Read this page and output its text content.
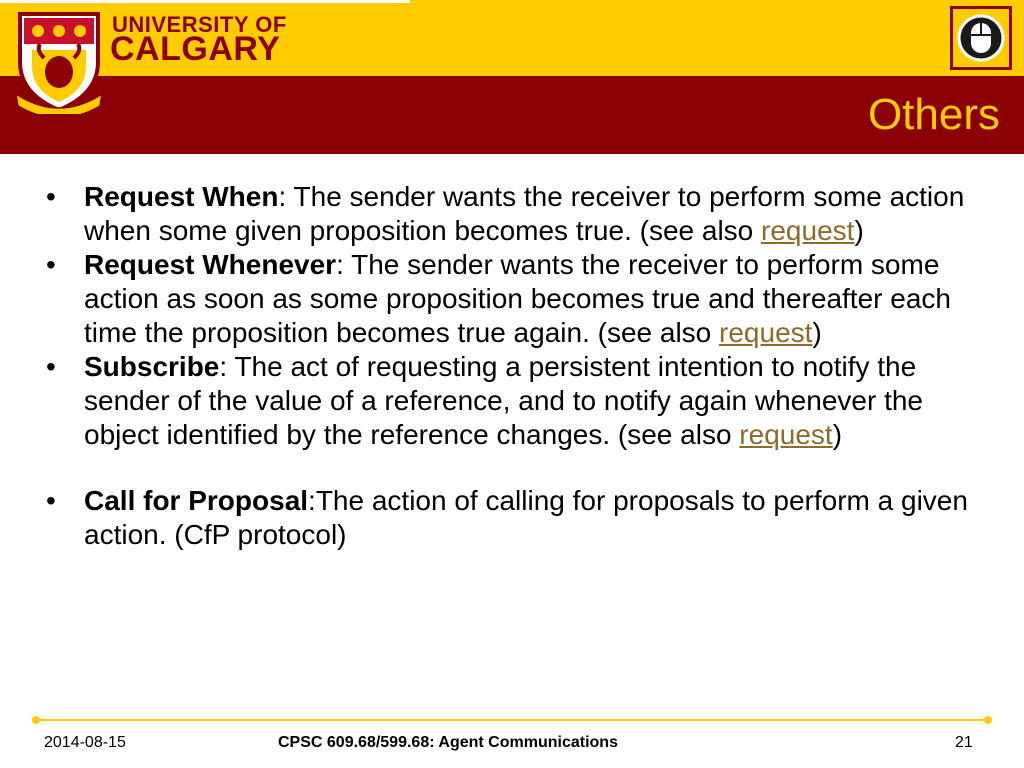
UNIVERSITY OF
CALGARY
Others
• Request When: The sender wants the receiver to perform some action when some given proposition becomes true. (see also request)
• Request Whenever: The sender wants the receiver to perform some action as soon as some proposition becomes true and thereafter each time the proposition becomes true again. (see also request)
• Subscribe: The act of requesting a persistent intention to notify the sender of the value of a reference, and to notify again whenever the object identified by the reference changes. (see also request)
• Call for Proposal:The action of calling for proposals to perform a given action. (CfP protocol)
2014-08-15	CPSC 609.68/599.68: Agent Communications	21
